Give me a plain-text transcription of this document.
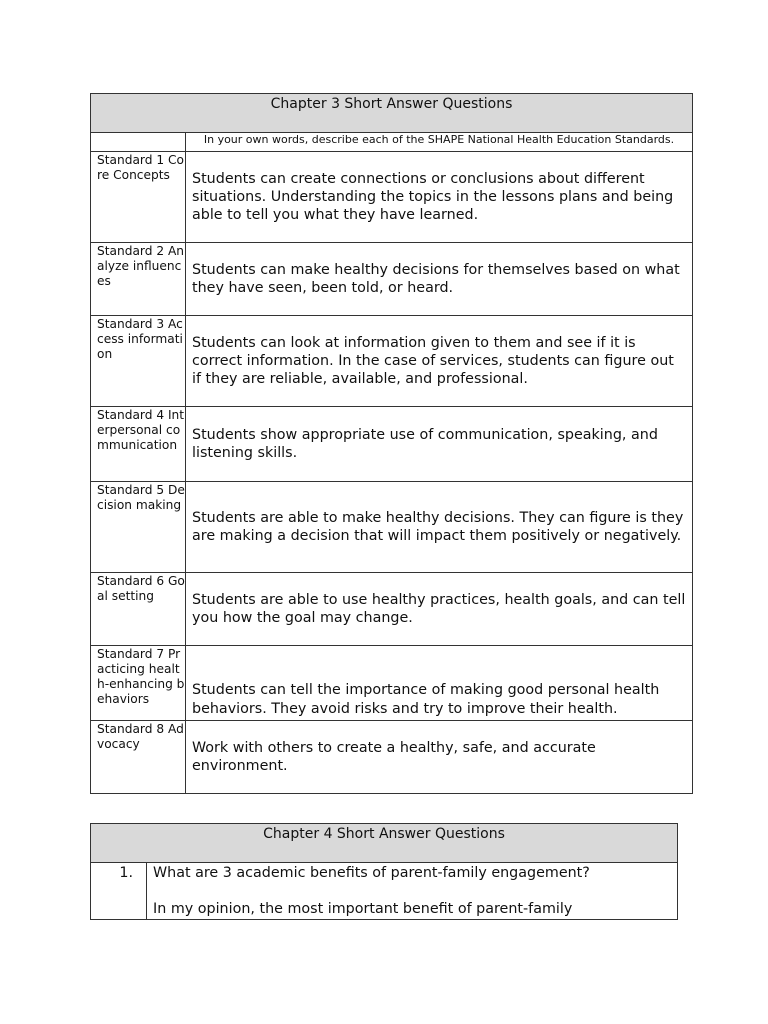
Chapter 3 Short Answer Questions	
	In your own words, describe each of the SHAPE National Health Education Standards.
Standard 1 Core Concepts	Students can create connections or conclusions about different situations. Understanding the topics in the lessons plans and being able to tell you what they have learned.
Standard 2 Analyze influences	Students can make healthy decisions for themselves based on what they have seen, been told, or heard.
Standard 3 Access information	Students can look at information given to them and see if it is correct information. In the case of services, students can figure out if they are reliable, available, and professional.
Standard 4 Interpersonal communication	Students show appropriate use of communication, speaking, and listening skills.
Standard 5 Decision making	Students are able to make healthy decisions. They can figure is they are making a decision that will impact them positively or negatively.
Standard 6 Goal setting	Students are able to use healthy practices, health goals, and can tell you how the goal may change.
Standard 7 Practicing health-enhancing behaviors	Students can tell the importance of making good personal health behaviors. They avoid risks and try to improve their health.
Standard 8 Advocacy	Work with others to create a healthy, safe, and accurate environment.
Chapter 4 Short Answer Questions
1.	What are 3 academic benefits of parent-family engagement?

In my opinion, the most important benefit of parent-family
